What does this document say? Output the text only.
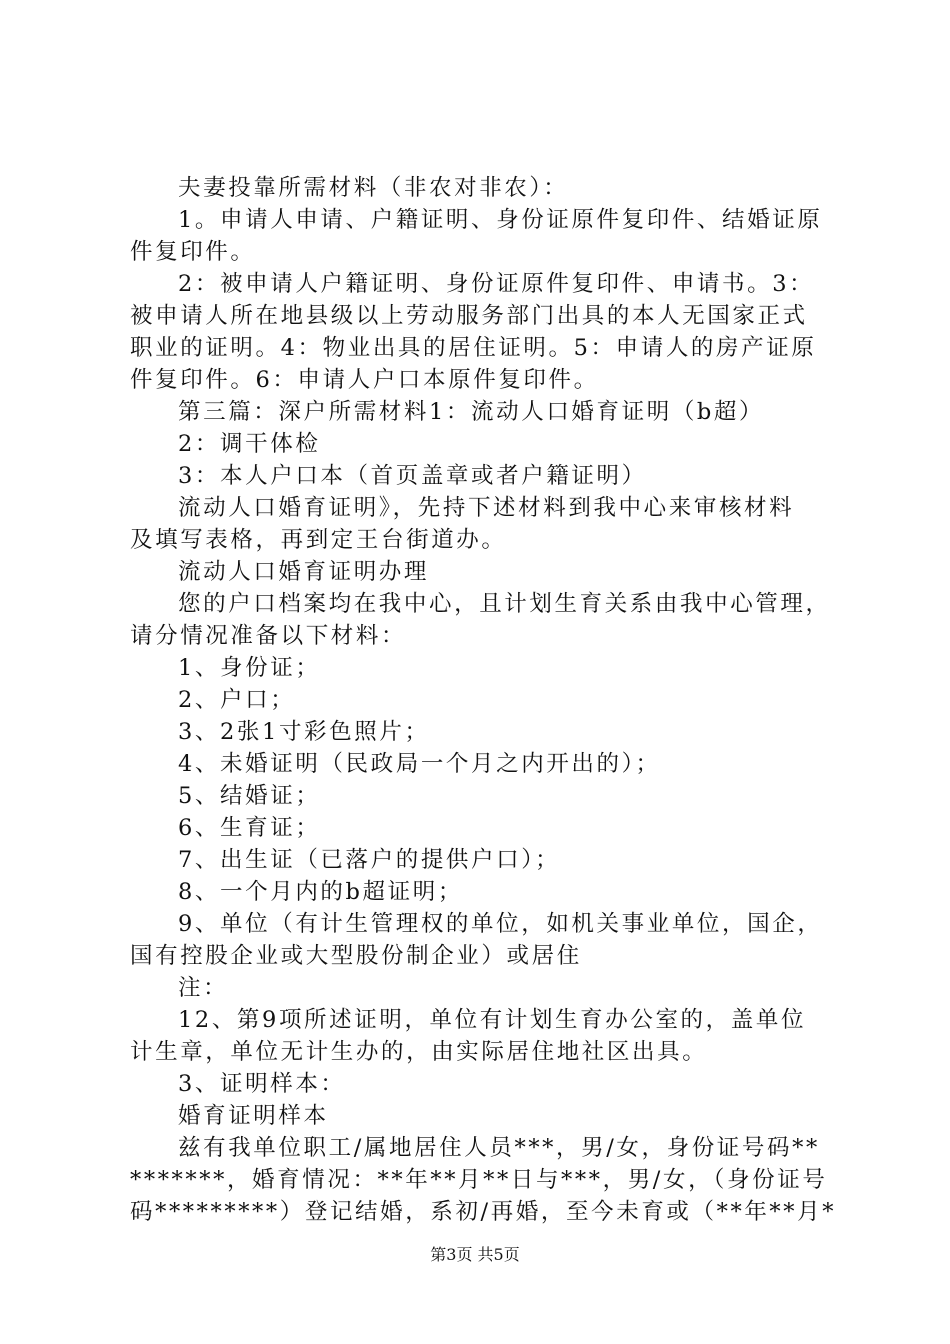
夫妻投靠所需材料（非农对非农）：
1。申请人申请、户籍证明、身份证原件复印件、结婚证原
件复印件。
2：被申请人户籍证明、身份证原件复印件、申请书。3：
被申请人所在地县级以上劳动服务部门出具的本人无国家正式
职业的证明。4：物业出具的居住证明。5：申请人的房产证原
件复印件。6：申请人户口本原件复印件。
第三篇：深户所需材料1：流动人口婚育证明（b超）
2：调干体检
3：本人户口本（首页盖章或者户籍证明）
流动人口婚育证明》，先持下述材料到我中心来审核材料
及填写表格，再到定王台街道办。
流动人口婚育证明办理
您的户口档案均在我中心，且计划生育关系由我中心管理，
请分情况准备以下材料：
1、身份证；
2、户口；
3、2张1寸彩色照片；
4、未婚证明（民政局一个月之内开出的）；
5、结婚证；
6、生育证；
7、出生证（已落户的提供户口）；
8、一个月内的b超证明；
9、单位（有计生管理权的单位，如机关事业单位，国企，
国有控股企业或大型股份制企业）或居住
注：
12、第9项所述证明，单位有计划生育办公室的，盖单位
计生章，单位无计生办的，由实际居住地社区出具。
3、证明样本：
婚育证明样本
兹有我单位职工/属地居住人员***，男/女，身份证号码**
*******，婚育情况：**年**月**日与***，男/女，（身份证号
码*********）登记结婚，系初/再婚，至今未育或（**年**月*
第3页 共5页
